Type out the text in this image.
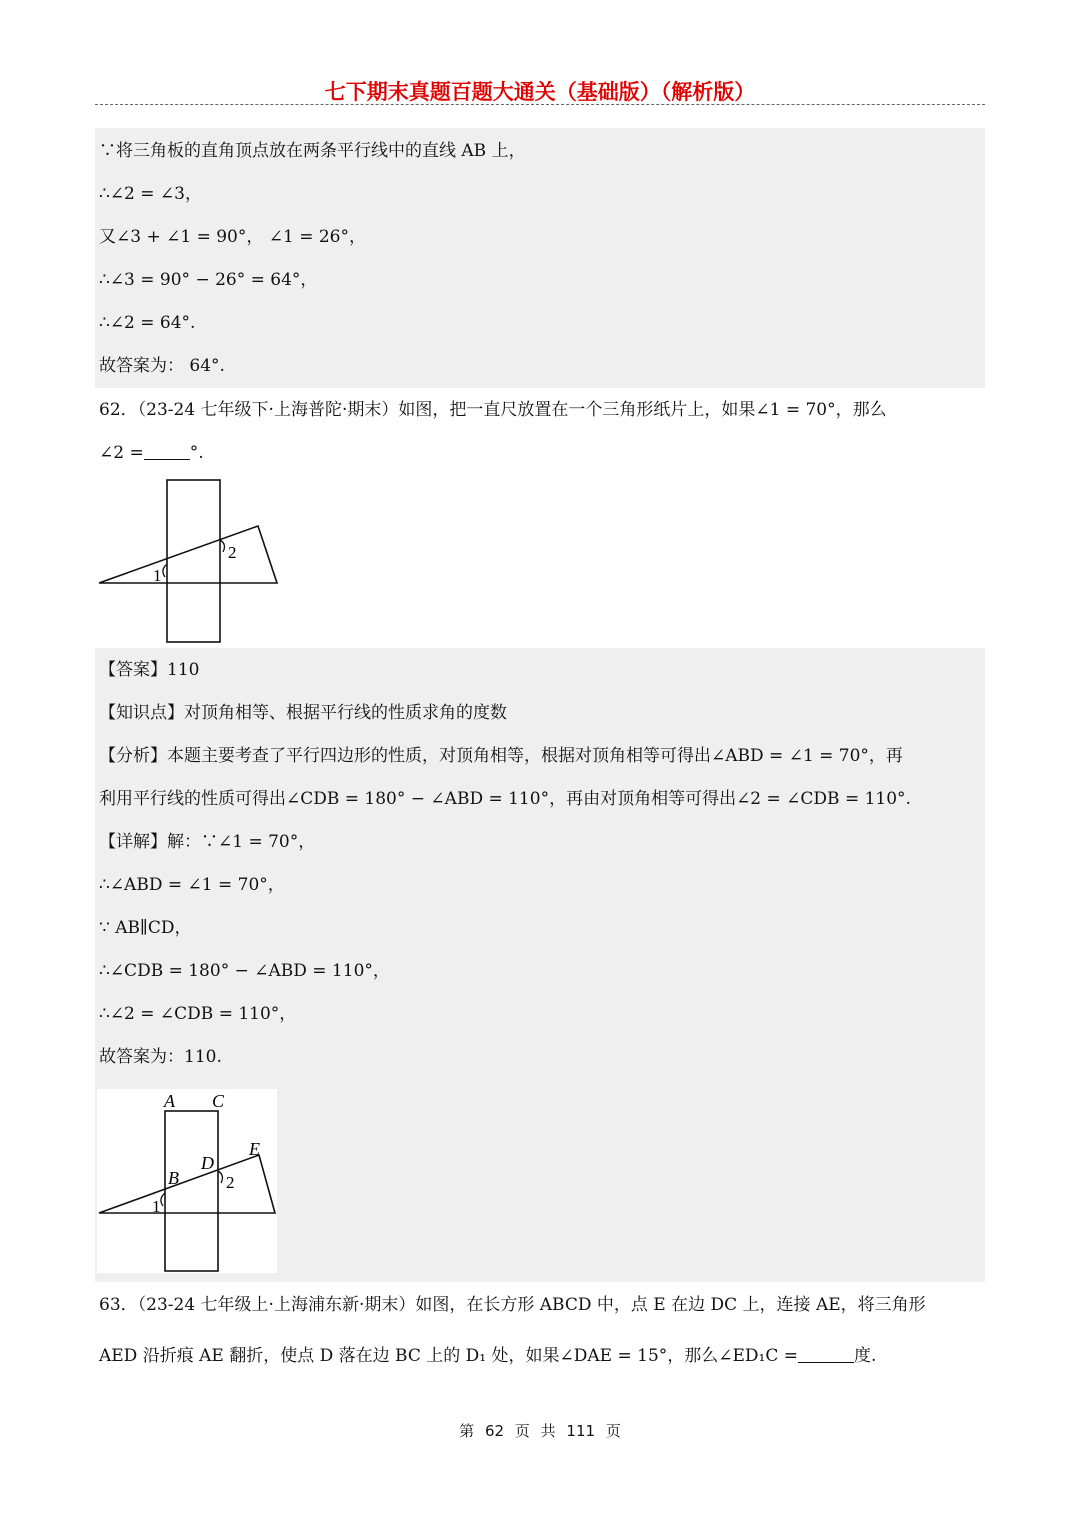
七下期末真题百题大通关（基础版）（解析版）
∵将三角板的直角顶点放在两条平行线中的直线 AB 上，
∴∠2 = ∠3，
又∠3 + ∠1 = 90°， ∠1 = 26°，
∴∠3 = 90° − 26° = 64°，
∴∠2 = 64°.
故答案为： 64°.
62．（23-24 七年级下·上海普陀·期末）如图，把一直尺放置在一个三角形纸片上，如果∠1 = 70°，那么
∠2 =	°.
1
2
【答案】110
【知识点】对顶角相等、根据平行线的性质求角的度数
【分析】本题主要考查了平行四边形的性质，对顶角相等，根据对顶角相等可得出∠ABD = ∠1 = 70°，再
利用平行线的性质可得出∠CDB = 180° − ∠ABD = 110°，再由对顶角相等可得出∠2 = ∠CDB = 110°.
【详解】解：∵∠1 = 70°，
∴∠ABD = ∠1 = 70°，
∵ AB∥CD，
∴∠CDB = 180° − ∠ABD = 110°，
∴∠2 = ∠CDB = 110°，
故答案为：110.
A C
B
D
E
1
2
63．（23-24 七年级上·上海浦东新·期末）如图，在长方形 ABCD 中，点 E 在边 DC 上，连接 AE，将三角形
AED 沿折痕 AE 翻折，使点 D 落在边 BC 上的 D₁ 处，如果∠DAE = 15°，那么∠ED₁C =	度.
第 62 页 共 111 页
